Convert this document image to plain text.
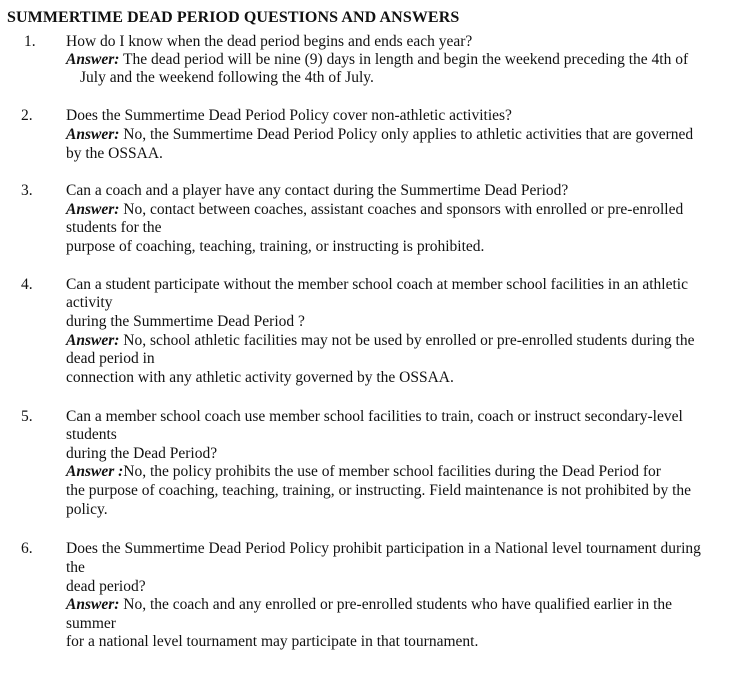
SUMMERTIME DEAD PERIOD QUESTIONS AND ANSWERS
1. How do I know when the dead period begins and ends each year?
Answer: The dead period will be nine (9) days in length and begin the weekend preceding the 4th of
July and the weekend following the 4th of July.
2. Does the Summertime Dead Period Policy cover non-athletic activities?
Answer: No, the Summertime Dead Period Policy only applies to athletic activities that are governed
by the OSSAA.
3. Can a coach and a player have any contact during the Summertime Dead Period?
Answer: No, contact between coaches, assistant coaches and sponsors with enrolled or pre-enrolled
students for the
purpose of coaching, teaching, training, or instructing is prohibited.
4. Can a student participate without the member school coach at member school facilities in an athletic
activity
during the Summertime Dead Period ?
Answer: No, school athletic facilities may not be used by enrolled or pre-enrolled students during the
dead period in
connection with any athletic activity governed by the OSSAA.
5. Can a member school coach use member school facilities to train, coach or instruct secondary-level
students
during the Dead Period?
Answer :No, the policy prohibits the use of member school facilities during the Dead Period for
the purpose of coaching, teaching, training, or instructing. Field maintenance is not prohibited by the
policy.
6. Does the Summertime Dead Period Policy prohibit participation in a National level tournament during
the
dead period?
Answer: No, the coach and any enrolled or pre-enrolled students who have qualified earlier in the
summer
for a national level tournament may participate in that tournament.
